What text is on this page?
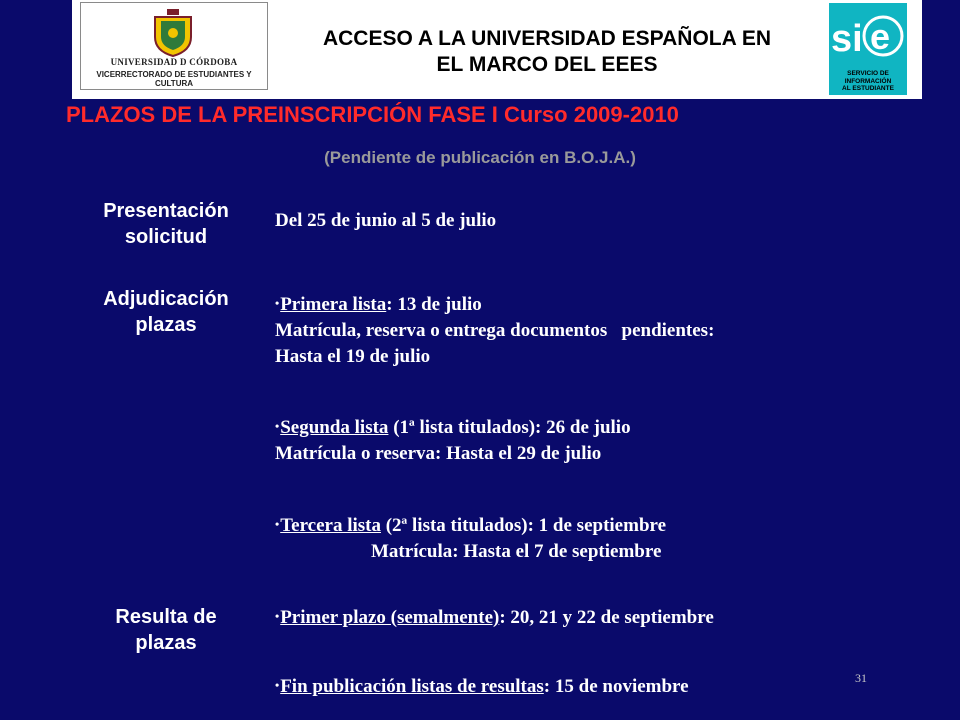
UNIVERSIDAD D CÓRDOBA
VICERRECTORADO DE ESTUDIANTES Y CULTURA
ACCESO A LA UNIVERSIDAD ESPAÑOLA EN
EL MARCO DEL EEES
si e
SERVICIO DE
INFORMACIÓN
AL ESTUDIANTE
PLAZOS DE LA PREINSCRIPCIÓN FASE I Curso 2009-2010
(Pendiente de publicación en B.O.J.A.)
Presentación
solicitud
Del 25 de junio al 5 de julio
Adjudicación
plazas
•Primera lista: 13 de julio
Matrícula, reserva o entrega documentos   pendientes:
Hasta el 19 de julio
•Segunda lista (1ª lista titulados): 26 de julio
Matrícula o reserva: Hasta el 29 de julio
•Tercera lista (2ª lista titulados): 1 de septiembre
Matrícula: Hasta el 7 de septiembre
Resulta de
plazas
•Primer plazo (semalmente): 20, 21 y 22 de septiembre
•Fin publicación listas de resultas: 15 de noviembre	31
